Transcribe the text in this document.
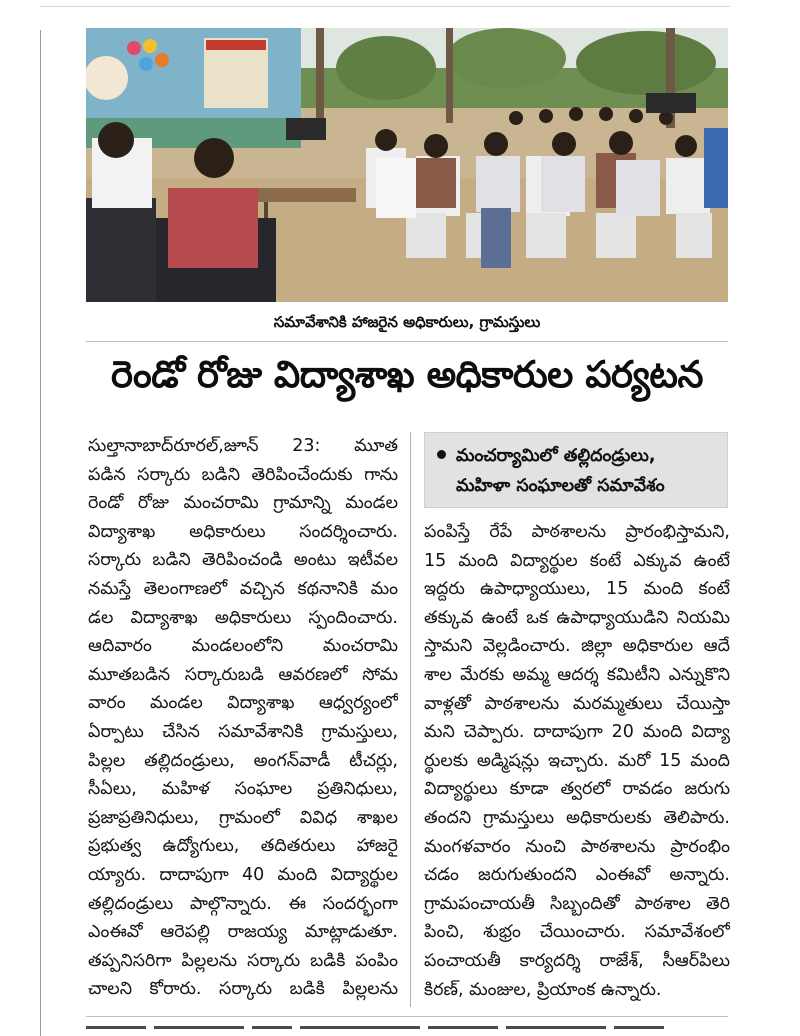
సమావేశానికి హాజరైన అధికారులు, గ్రామస్తులు
రెండో రోజు విద్యాశాఖ అధికారుల పర్యటన
సుల్తానాబాద్‌రూరల్‌,జూన్‌ 23: మూత
పడిన సర్కారు బడిని తెరిపించేందుకు గాను
రెండో రోజు మంచరామి గ్రామాన్ని మండల
విద్యాశాఖ అధికారులు సందర్శించారు.
సర్కారు బడిని తెరిపించండి అంటు ఇటీవల
నమస్తే తెలంగాణలో వచ్చిన కథనానికి మం
డల విద్యాశాఖ అధికారులు స్పందించారు.
ఆదివారం మండలంలోని మంచరామి
మూతబడిన సర్కారుబడి ఆవరణలో సోమ
వారం మండల విద్యాశాఖ ఆధ్వర్యంలో
ఏర్పాటు చేసిన సమావేశానికి గ్రామస్తులు,
పిల్లల తల్లిదండ్రులు, అంగన్‌వాడీ టీచర్లు,
సీఏలు, మహిళ సంఘాల ప్రతినిధులు,
ప్రజాప్రతినిధులు, గ్రామంలో వివిధ శాఖల
ప్రభుత్వ ఉద్యోగులు, తదితరులు హాజరై
య్యారు. దాదాపుగా 40 మంది విద్యార్థుల
తల్లిదండ్రులు పాల్గొన్నారు. ఈ సందర్భంగా
ఎంఈవో ఆరెపల్లి రాజయ్య మాట్లాడుతూ.
తప్పనిసరిగా పిల్లలను సర్కారు బడికి పంపిం
చాలని కోరారు. సర్కారు బడికి పిల్లలను
మంచర్యామిలో తల్లిదండ్రులు,
మహిళా సంఘాలతో సమావేశం
పంపిస్తే రేపే పాఠశాలను ప్రారంభిస్తామని,
15 మంది విద్యార్థుల కంటే ఎక్కువ ఉంటే
ఇద్దరు ఉపాధ్యాయులు, 15 మంది కంటే
తక్కువ ఉంటే ఒక ఉపాధ్యాయుడిని నియమి
స్తామని వెల్లడించారు. జిల్లా అధికారుల ఆదే
శాల మేరకు అమ్మ ఆదర్శ కమిటీని ఎన్నుకొని
వాళ్లతో పాఠశాలను మరమ్మతులు చేయిస్తా
మని చెప్పారు. దాదాపుగా 20 మంది విద్యా
ర్థులకు అడ్మిషన్లు ఇచ్చారు. మరో 15 మంది
విద్యార్థులు కూడా త్వరలో రావడం జరుగు
తందని గ్రామస్తులు అధికారులకు తెలిపారు.
మంగళవారం నుంచి పాఠశాలను ప్రారంభిం
చడం జరుగుతుందని ఎంఈవో అన్నారు.
గ్రామపంచాయతీ సిబ్బందితో పాఠశాల తెరి
పించి, శుభ్రం చేయించారు. సమావేశంలో
పంచాయతీ కార్యదర్శి రాజేశ్‌, సీఆర్‌పిలు
కిరణ్‌, మంజుల, ప్రియాంక ఉన్నారు.
